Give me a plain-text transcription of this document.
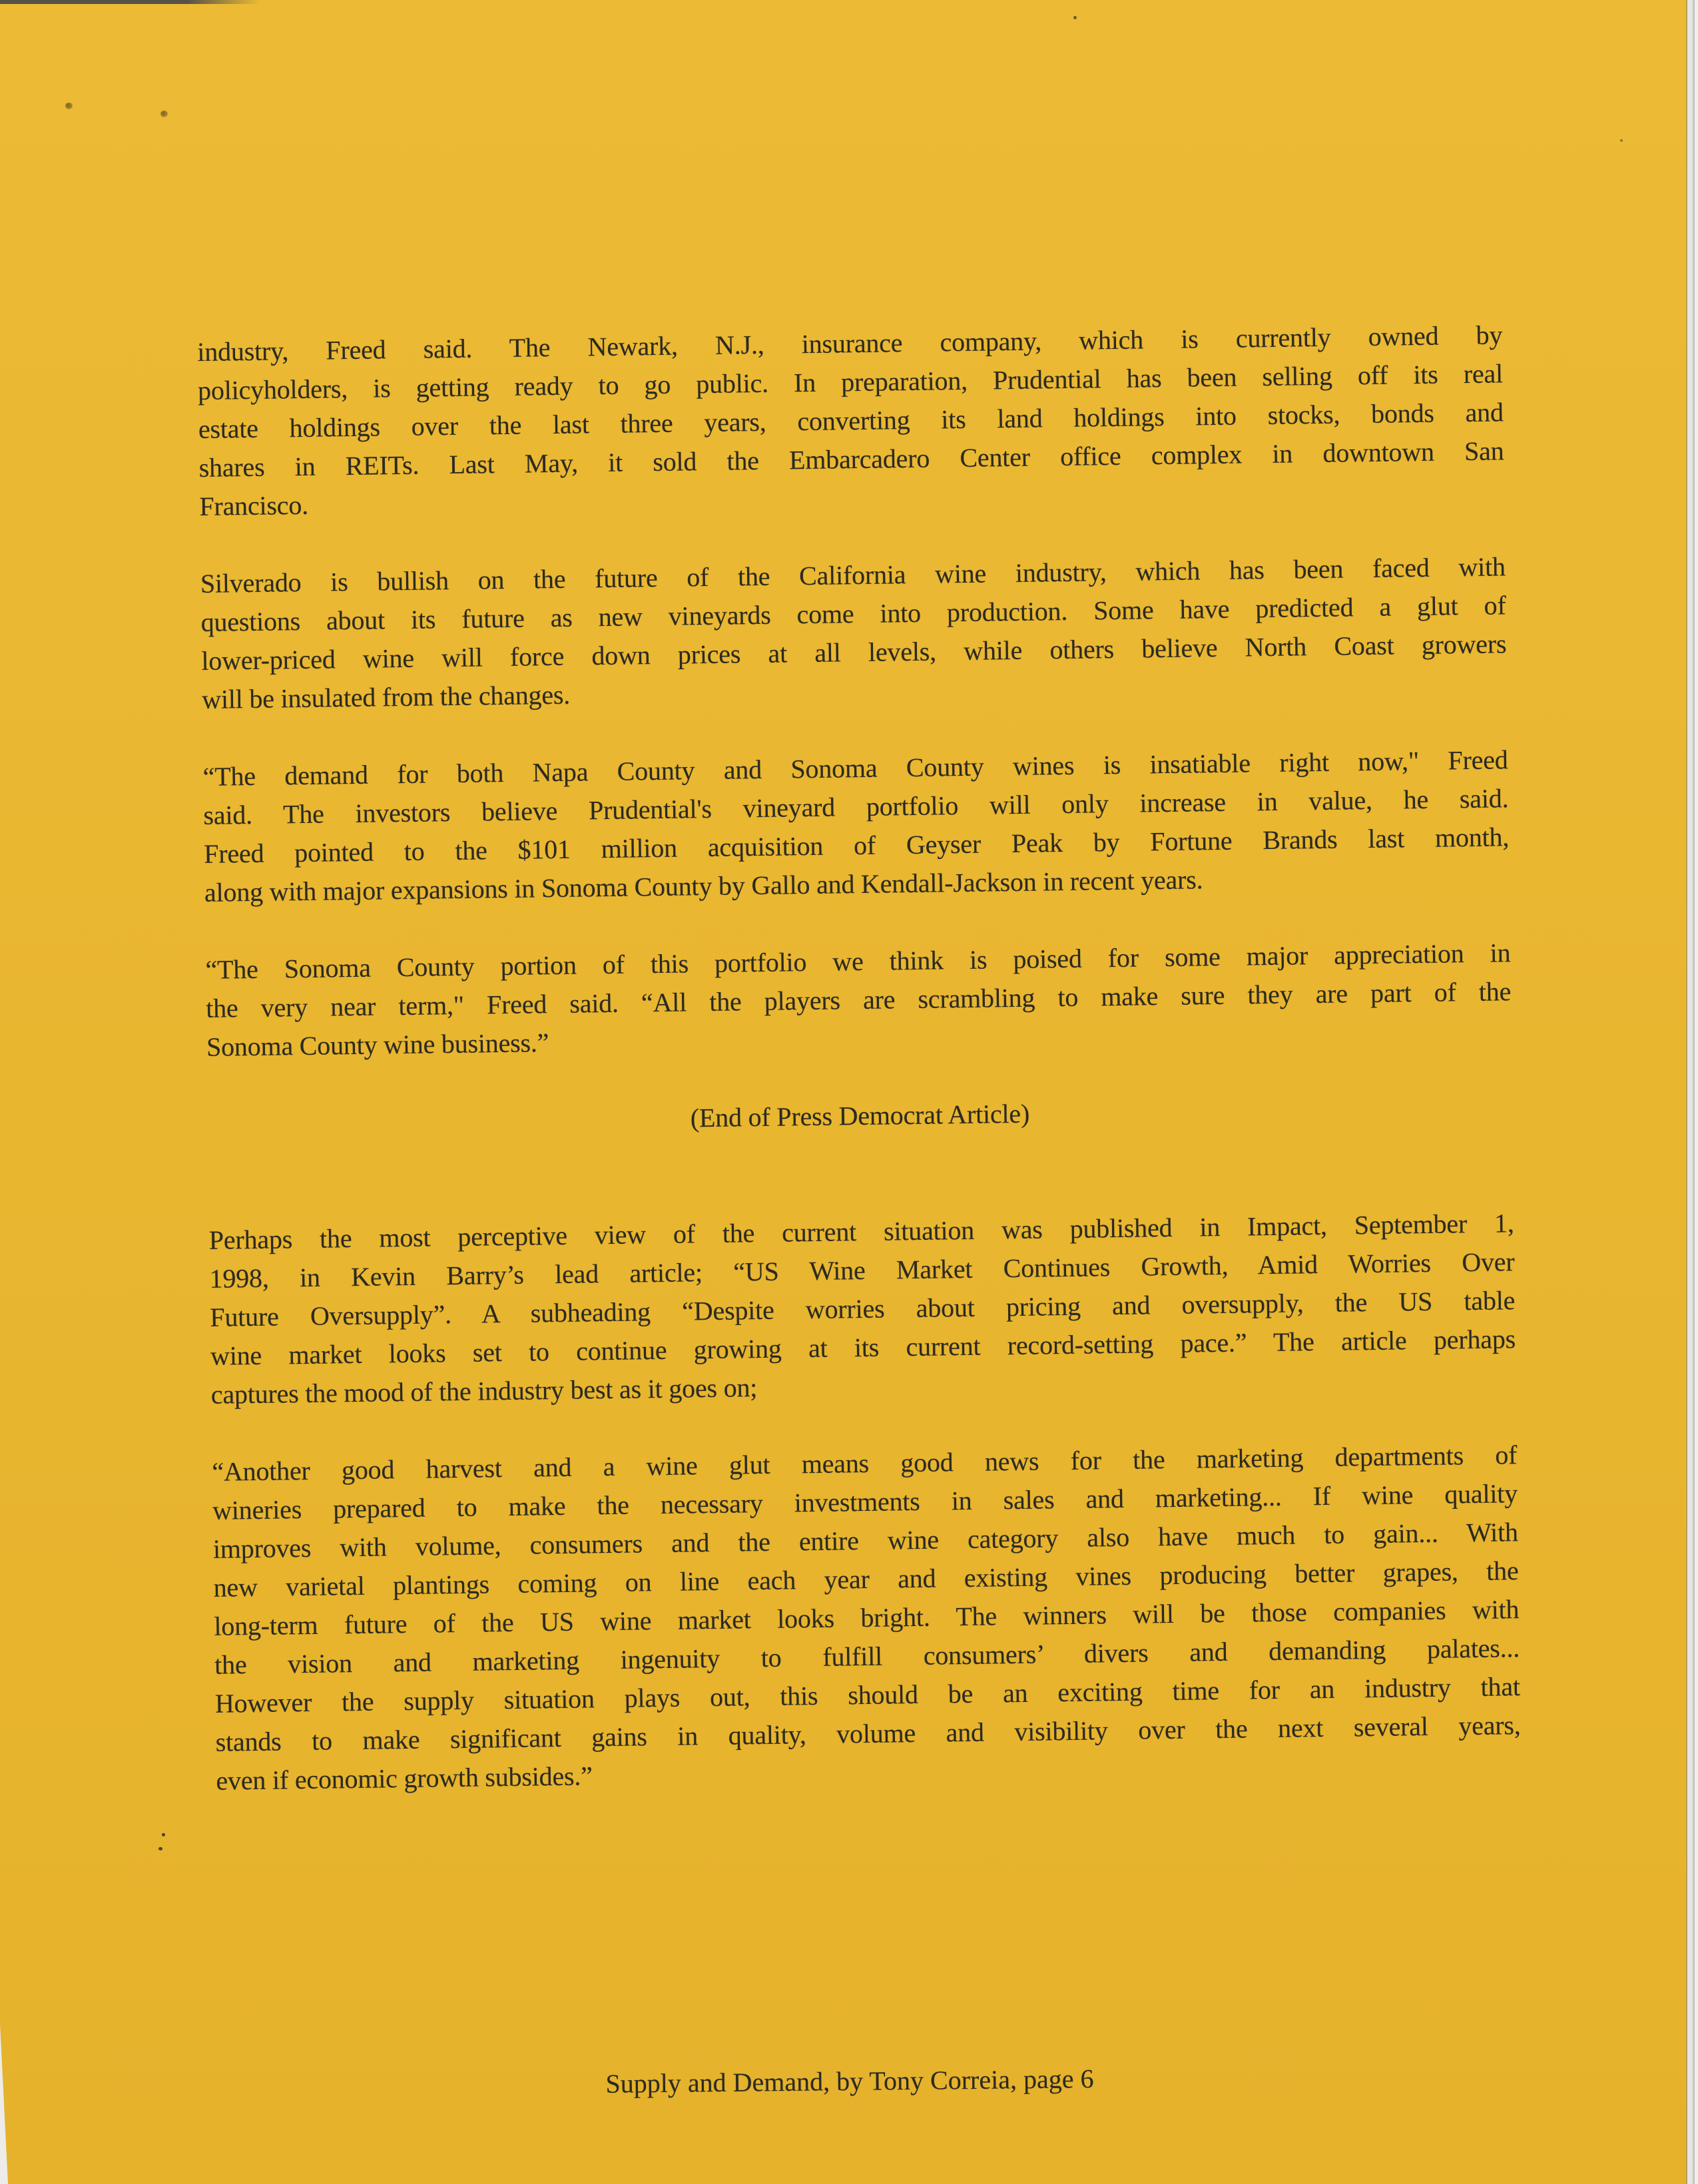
industry, Freed said. The Newark, N.J., insurance company, which is currently owned by
policyholders, is getting ready to go public. In preparation, Prudential has been selling off its real
estate holdings over the last three years, converting its land holdings into stocks, bonds and
shares in REITs. Last May, it sold the Embarcadero Center office complex in downtown San
Francisco.
Silverado is bullish on the future of the California wine industry, which has been faced with
questions about its future as new vineyards come into production. Some have predicted a glut of
lower-priced wine will force down prices at all levels, while others believe North Coast growers
will be insulated from the changes.
“The demand for both Napa County and Sonoma County wines is insatiable right now," Freed
said. The investors believe Prudential's vineyard portfolio will only increase in value, he said.
Freed pointed to the $101 million acquisition of Geyser Peak by Fortune Brands last month,
along with major expansions in Sonoma County by Gallo and Kendall-Jackson in recent years.
“The Sonoma County portion of this portfolio we think is poised for some major appreciation in
the very near term," Freed said. “All the players are scrambling to make sure they are part of the
Sonoma County wine business.”
(End of Press Democrat Article)
Perhaps the most perceptive view of the current situation was published in Impact, September 1,
1998, in Kevin Barry’s lead article; “US Wine Market Continues Growth, Amid Worries Over
Future Oversupply”. A subheading “Despite worries about pricing and oversupply, the US table
wine market looks set to continue growing at its current record-setting pace.” The article perhaps
captures the mood of the industry best as it goes on;
“Another good harvest and a wine glut means good news for the marketing departments of
wineries prepared to make the necessary investments in sales and marketing... If wine quality
improves with volume, consumers and the entire wine category also have much to gain... With
new varietal plantings coming on line each year and existing vines producing better grapes, the
long-term future of the US wine market looks bright. The winners will be those companies with
the vision and marketing ingenuity to fulfill consumers’ divers and demanding palates...
However the supply situation plays out, this should be an exciting time for an industry that
stands to make significant gains in quality, volume and visibility over the next several years,
even if economic growth subsides.”
Supply and Demand, by Tony Correia, page 6
